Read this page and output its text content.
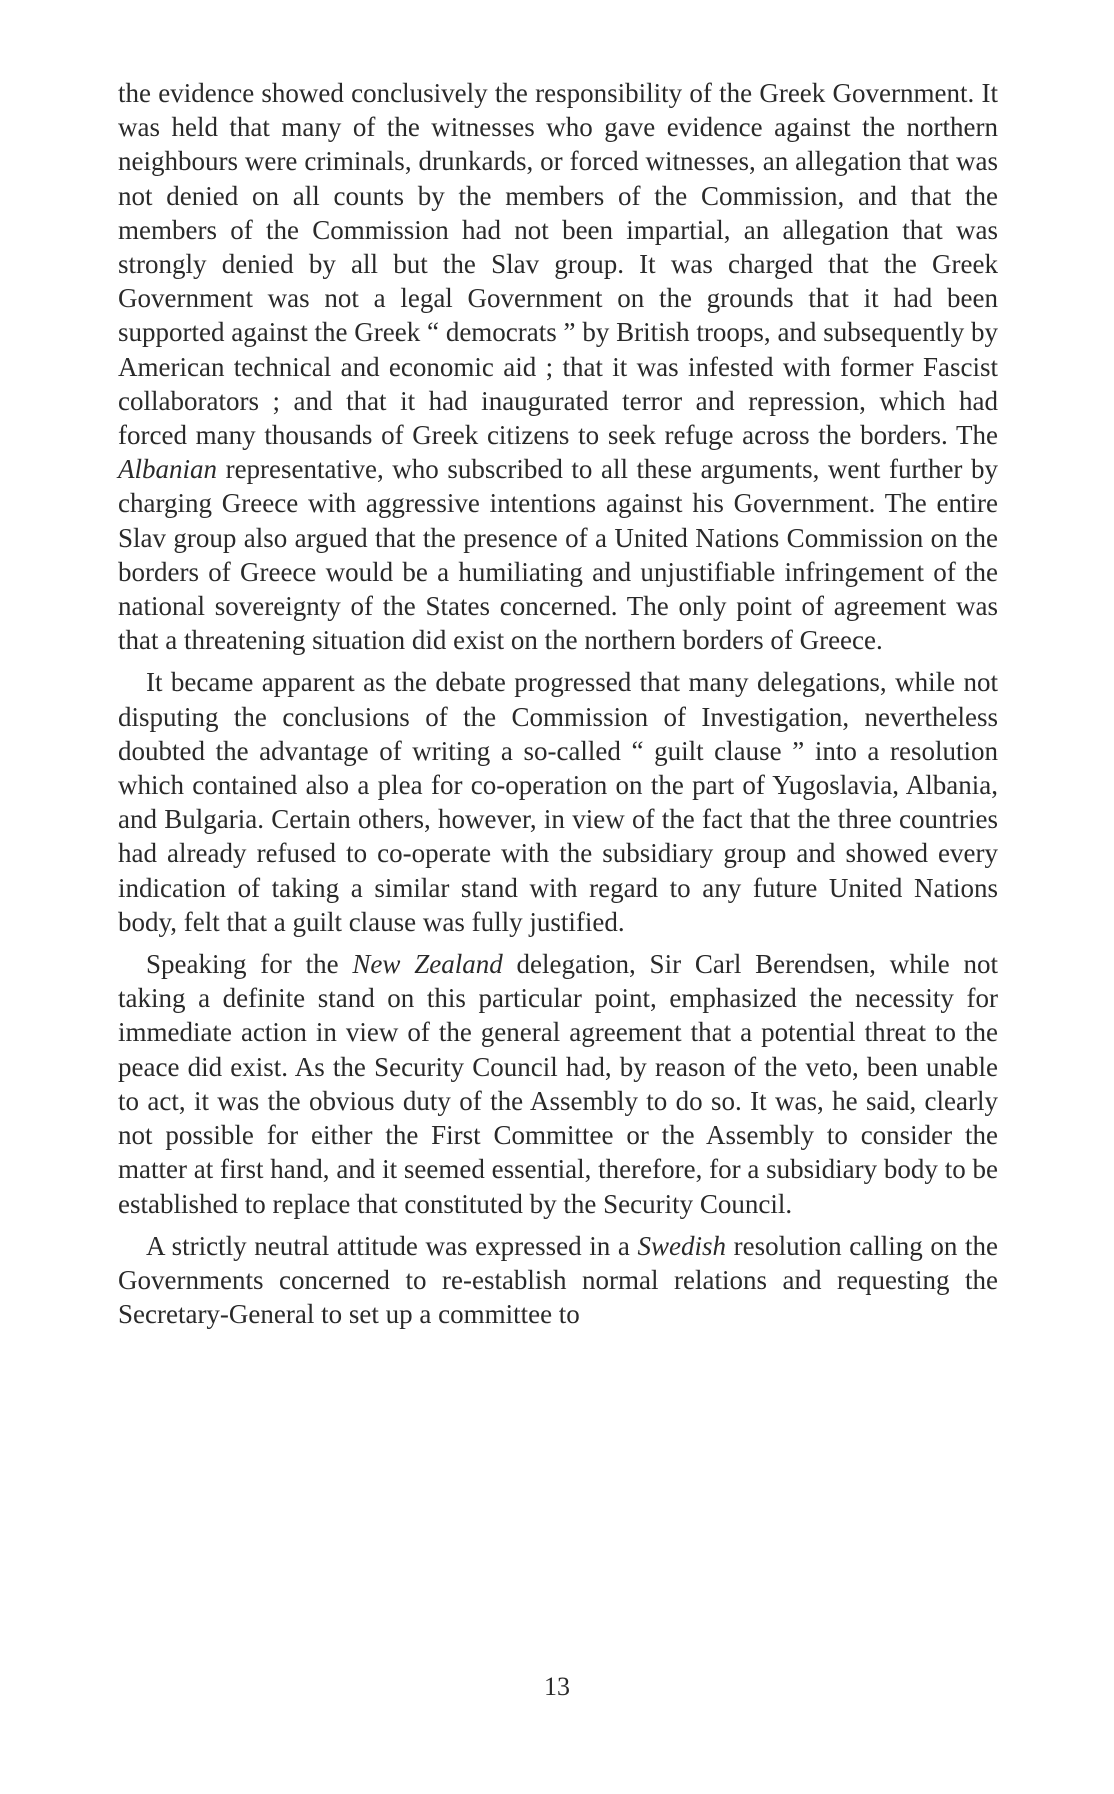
the evidence showed conclusively the responsibility of the Greek Government. It was held that many of the witnesses who gave evidence against the northern neighbours were criminals, drunkards, or forced witnesses, an allegation that was not denied on all counts by the members of the Commission, and that the members of the Commission had not been impartial, an allegation that was strongly denied by all but the Slav group. It was charged that the Greek Government was not a legal Government on the grounds that it had been supported against the Greek “ democrats ” by British troops, and subsequently by American technical and economic aid ; that it was infested with former Fascist collaborators ; and that it had inaugurated terror and repression, which had forced many thousands of Greek citizens to seek refuge across the borders. The Albanian representative, who subscribed to all these arguments, went further by charging Greece with aggressive intentions against his Government. The entire Slav group also argued that the presence of a United Nations Commission on the borders of Greece would be a humiliating and unjustifiable infringement of the national sovereignty of the States concerned. The only point of agreement was that a threatening situation did exist on the northern borders of Greece.

It became apparent as the debate progressed that many delegations, while not disputing the conclusions of the Commission of Investigation, nevertheless doubted the advantage of writing a so-called “ guilt clause ” into a resolution which contained also a plea for co-operation on the part of Yugoslavia, Albania, and Bulgaria. Certain others, however, in view of the fact that the three countries had already refused to co-operate with the subsidiary group and showed every indication of taking a similar stand with regard to any future United Nations body, felt that a guilt clause was fully justified.

Speaking for the New Zealand delegation, Sir Carl Berendsen, while not taking a definite stand on this particular point, emphasized the necessity for immediate action in view of the general agreement that a potential threat to the peace did exist. As the Security Council had, by reason of the veto, been unable to act, it was the obvious duty of the Assembly to do so. It was, he said, clearly not possible for either the First Committee or the Assembly to consider the matter at first hand, and it seemed essential, therefore, for a subsidiary body to be established to replace that constituted by the Security Council.

A strictly neutral attitude was expressed in a Swedish resolution calling on the Governments concerned to re-establish normal relations and requesting the Secretary-General to set up a committee to

13
